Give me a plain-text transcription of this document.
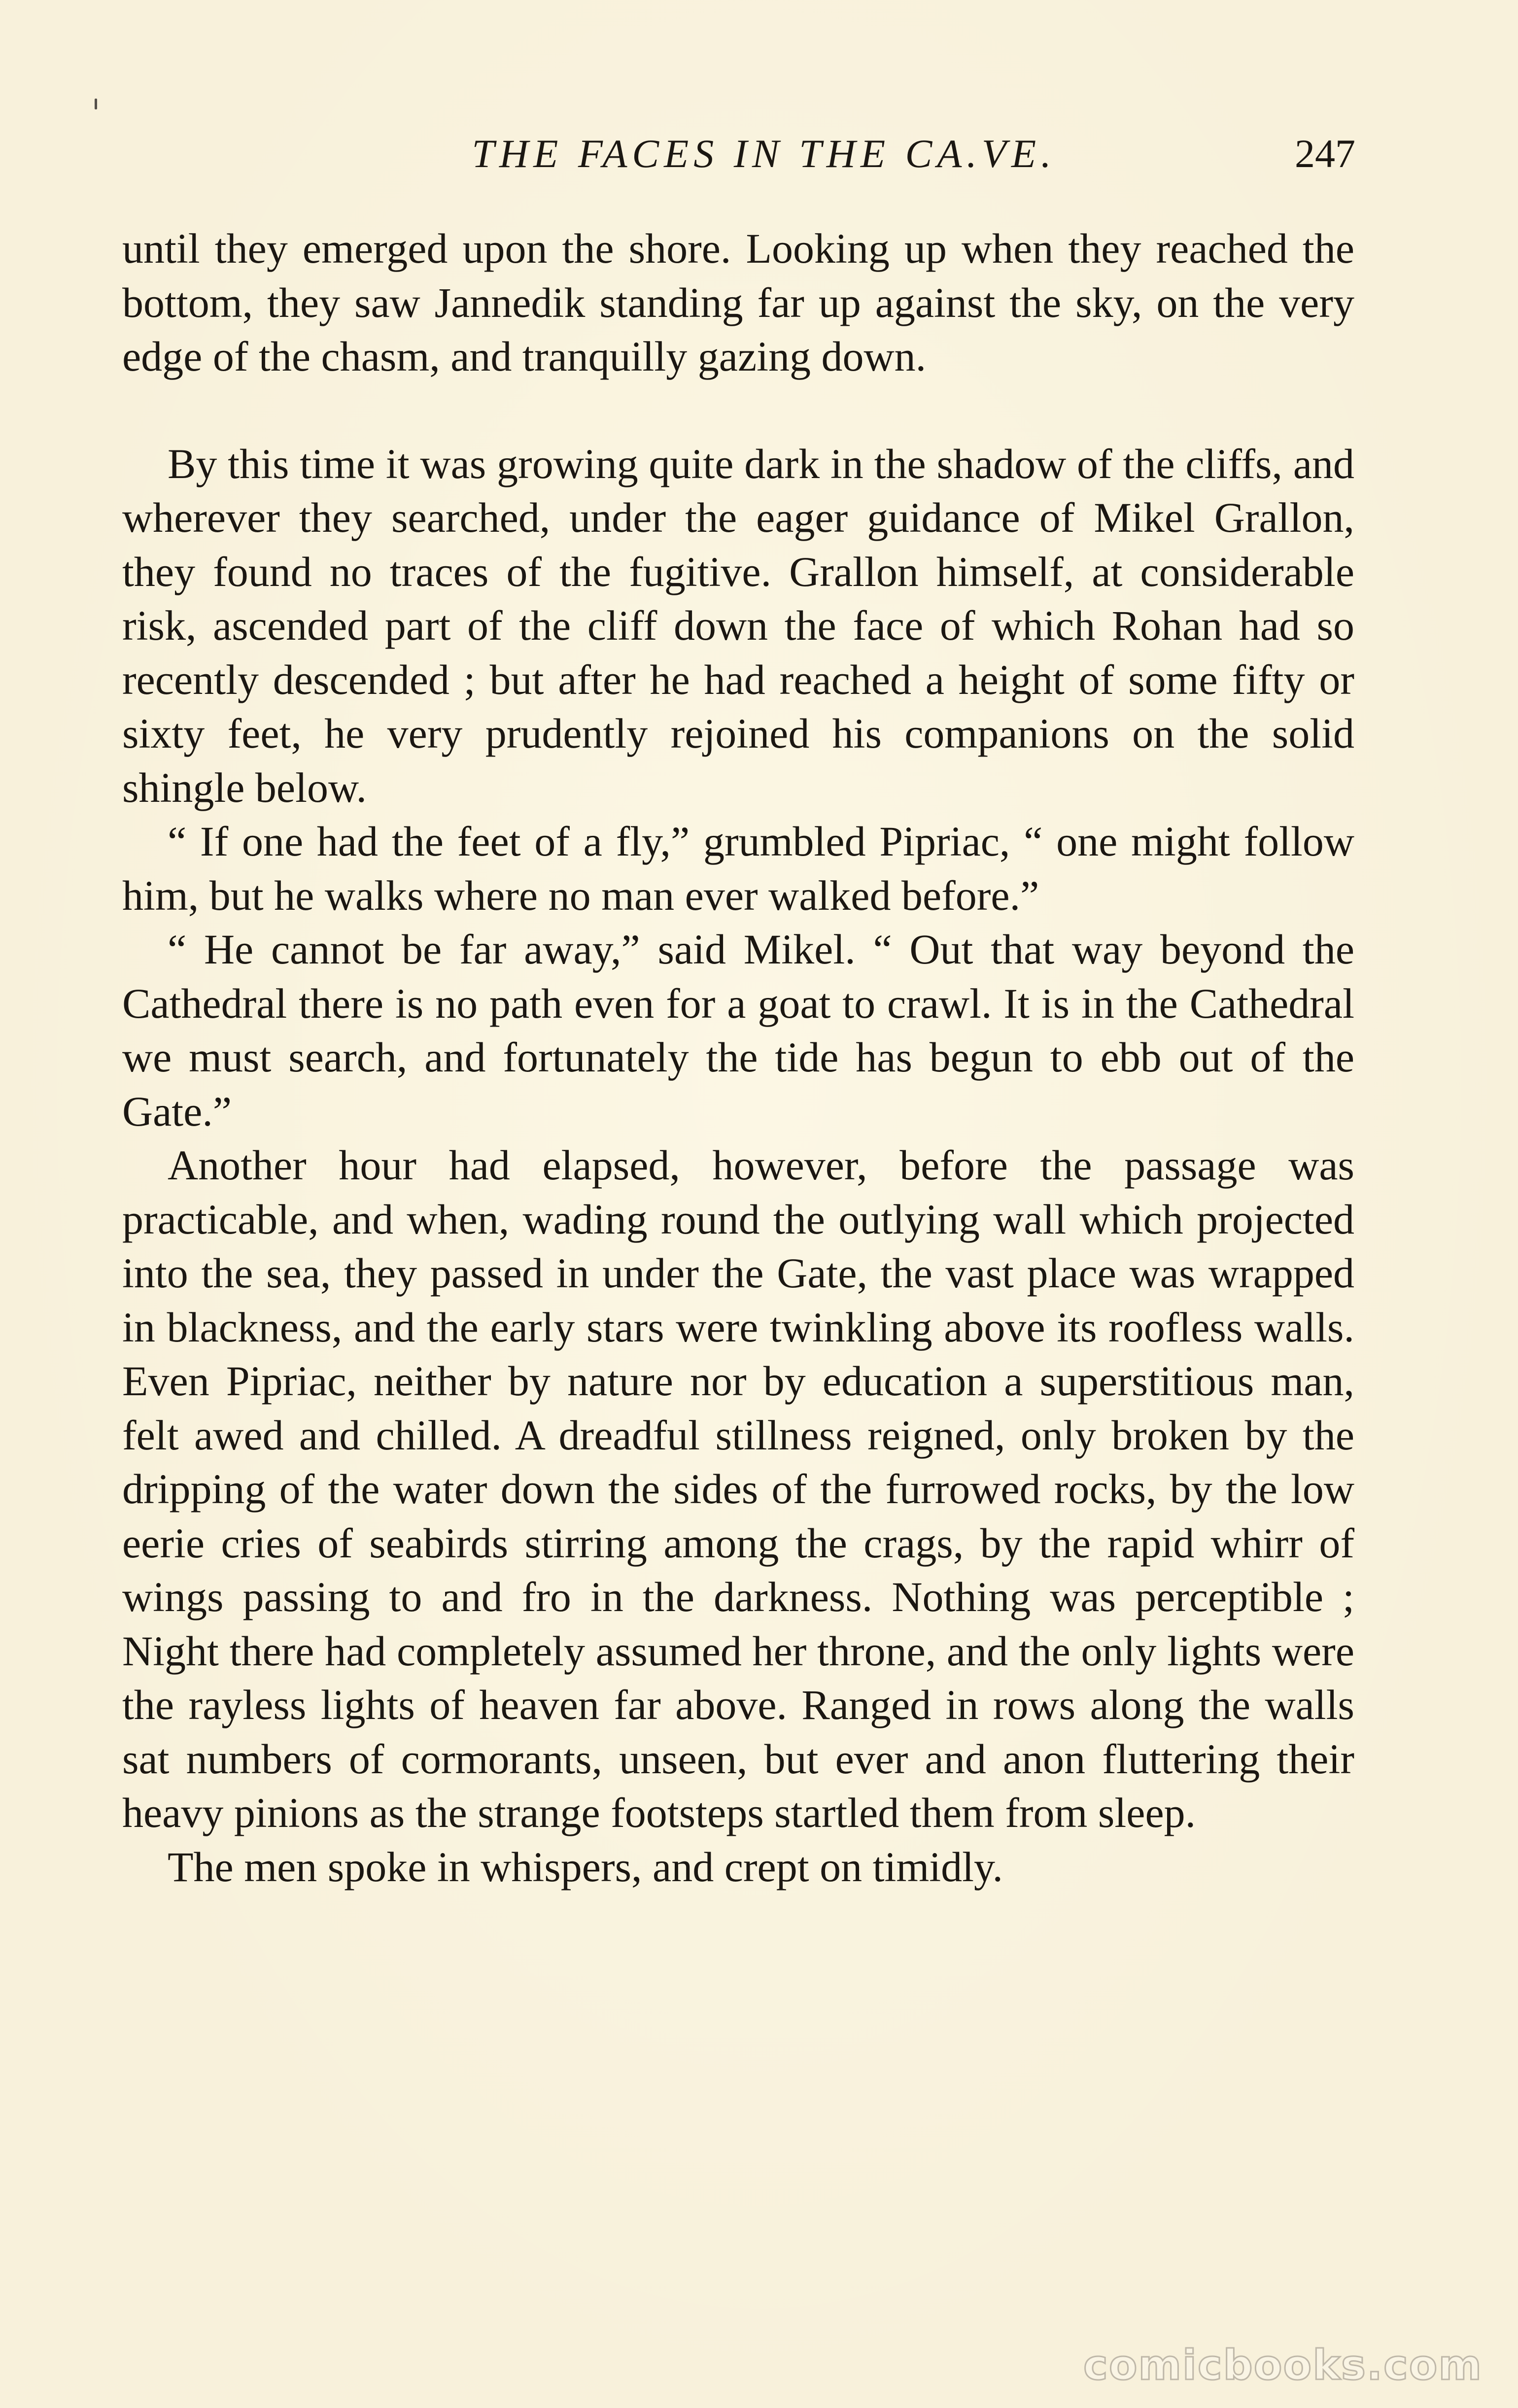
THE FACES IN THE CA.VE.	247

until they emerged upon the shore. Looking up when they reached the bottom, they saw Jannedik standing far up against the sky, on the very edge of the chasm, and tranquilly gazing down.

By this time it was growing quite dark in the shadow of the cliffs, and wherever they searched, under the eager guidance of Mikel Grallon, they found no traces of the fugitive. Grallon himself, at considerable risk, ascended part of the cliff down the face of which Rohan had so recently descended ; but after he had reached a height of some fifty or sixty feet, he very prudently rejoined his companions on the solid shingle below.

“ If one had the feet of a fly,” grumbled Pipriac, “ one might follow him, but he walks where no man ever walked before.”

“ He cannot be far away,” said Mikel. “ Out that way beyond the Cathedral there is no path even for a goat to crawl. It is in the Cathedral we must search, and fortunately the tide has begun to ebb out of the Gate.”

Another hour had elapsed, however, before the passage was practicable, and when, wading round the outlying wall which projected into the sea, they passed in under the Gate, the vast place was wrapped in blackness, and the early stars were twinkling above its roofless walls. Even Pipriac, neither by nature nor by education a superstitious man, felt awed and chilled. A dreadful stillness reigned, only broken by the dripping of the water down the sides of the furrowed rocks, by the low eerie cries of seabirds stirring among the crags, by the rapid whirr of wings passing to and fro in the darkness. Nothing was perceptible ; Night there had completely assumed her throne, and the only lights were the rayless lights of heaven far above. Ranged in rows along the walls sat numbers of cormorants, unseen, but ever and anon fluttering their heavy pinions as the strange footsteps startled them from sleep.

The men spoke in whispers, and crept on timidly.

comicbooks.com
